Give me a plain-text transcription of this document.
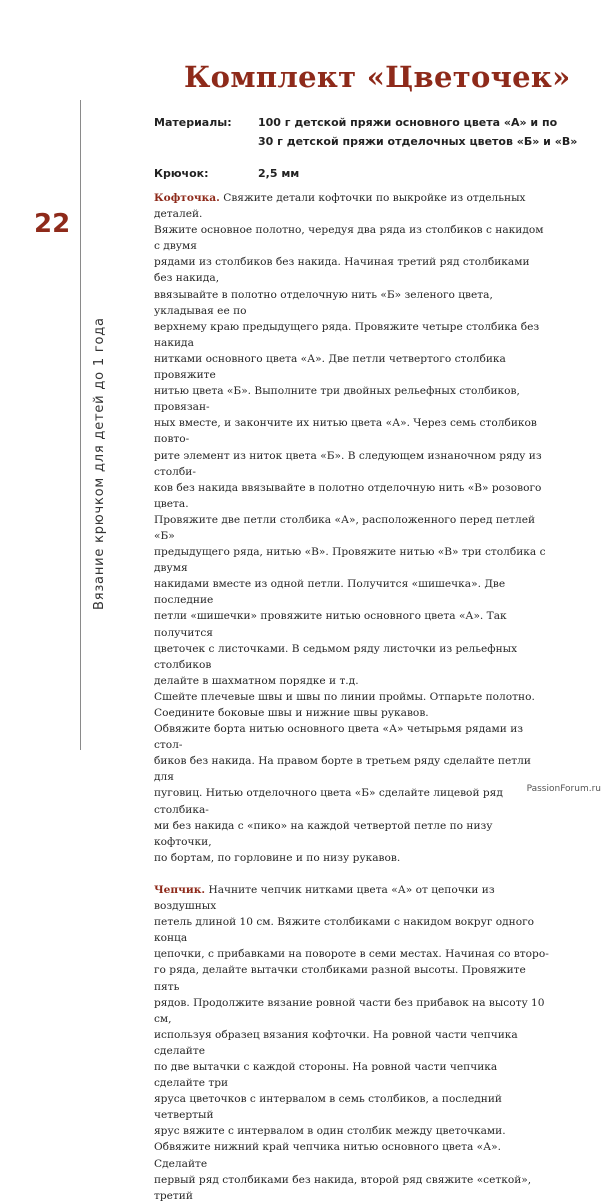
Вязание крючком для детей до 1 года
22
Комплект «Цветочек»
Материалы:	100 г детской пряжи основного цвета «А» и по
30 г детской пряжи отделочных цветов «Б» и «В»
Крючок:	2,5 мм

Кофточка. Свяжите детали кофточки по выкройке из отдельных деталей.

Вяжите основное полотно, чередуя два ряда из столбиков с накидом с двумя

рядами из столбиков без накида. Начиная третий ряд столбиками без накида,

ввязывайте в полотно отделочную нить «Б» зеленого цвета, укладывая ее по

верхнему краю предыдущего ряда. Провяжите четыре столбика без накида

нитками основного цвета «А». Две петли четвертого столбика провяжите

нитью цвета «Б». Выполните три двойных рельефных столбиков, провязан-

ных вместе, и закончите их нитью цвета «А». Через семь столбиков повто-

рите элемент из ниток цвета «Б». В следующем изнаночном ряду из столби-

ков без накида ввязывайте в полотно отделочную нить «В» розового цвета.

Провяжите две петли столбика «А», расположенного перед петлей «Б»

предыдущего ряда, нитью «В». Провяжите нитью «В» три столбика с двумя

накидами вместе из одной петли. Получится «шишечка». Две последние

петли «шишечки» провяжите нитью основного цвета «А». Так получится

цветочек с листочками. В седьмом ряду листочки из рельефных столбиков

делайте в шахматном порядке и т.д.

Сшейте плечевые швы и швы по линии проймы. Отпарьте полотно.

Соедините боковые швы и нижние швы рукавов.

Обвяжите борта нитью основного цвета «А» четырьмя рядами из стол-

биков без накида. На правом борте в третьем ряду сделайте петли для

пуговиц. Нитью отделочного цвета «Б» сделайте лицевой ряд столбика-

ми без накида с «пико» на каждой четвертой петле по низу кофточки,

по бортам, по горловине и по низу рукавов.

Чепчик. Начните чепчик нитками цвета «А» от цепочки из воздушных

петель длиной 10 см. Вяжите столбиками с накидом вокруг одного конца

цепочки, с прибавками на повороте в семи местах. Начиная со второ-

го ряда, делайте вытачки столбиками разной высоты. Провяжите пять

рядов. Продолжите вязание ровной части без прибавок на высоту 10 см,

используя образец вязания кофточки. На ровной части чепчика сделайте

по две вытачки с каждой стороны. На ровной части чепчика сделайте три

яруса цветочков с интервалом в семь столбиков, а последний четвертый

ярус вяжите с интервалом в один столбик между цветочками.

Обвяжите нижний край чепчика нитью основного цвета «А». Сделайте

первый ряд столбиками без накида, второй ряд свяжите «сеткой», третий

PassionForum.ru
